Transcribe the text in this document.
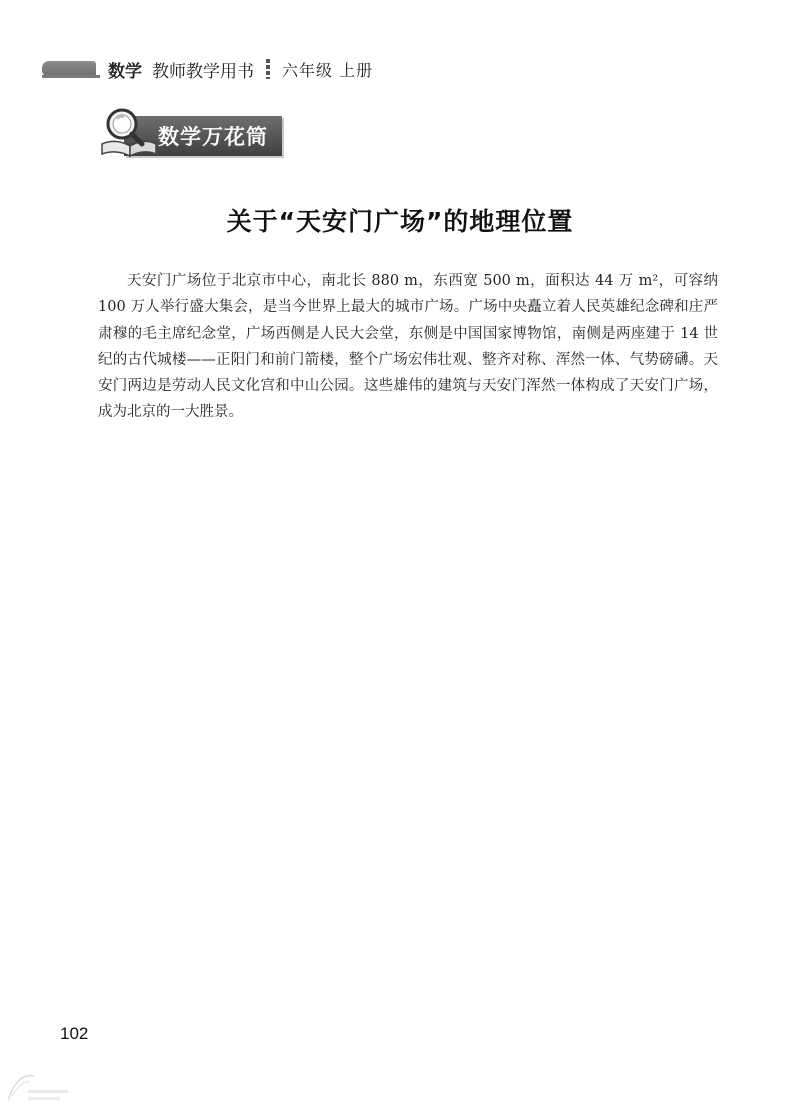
数学 教师教学用书 六年级 上册
数学万花筒
关于“天安门广场”的地理位置

天安门广场位于北京市中心，南北长 880 m，东西宽 500 m，面积达 44 万 m²，可容纳 100 万人举行盛大集会，是当今世界上最大的城市广场。广场中央矗立着人民英雄纪念碑和庄严肃穆的毛主席纪念堂，广场西侧是人民大会堂，东侧是中国国家博物馆，南侧是两座建于 14 世纪的古代城楼——正阳门和前门箭楼，整个广场宏伟壮观、整齐对称、浑然一体、气势磅礴。天安门两边是劳动人民文化宫和中山公园。这些雄伟的建筑与天安门浑然一体构成了天安门广场，成为北京的一大胜景。

102
